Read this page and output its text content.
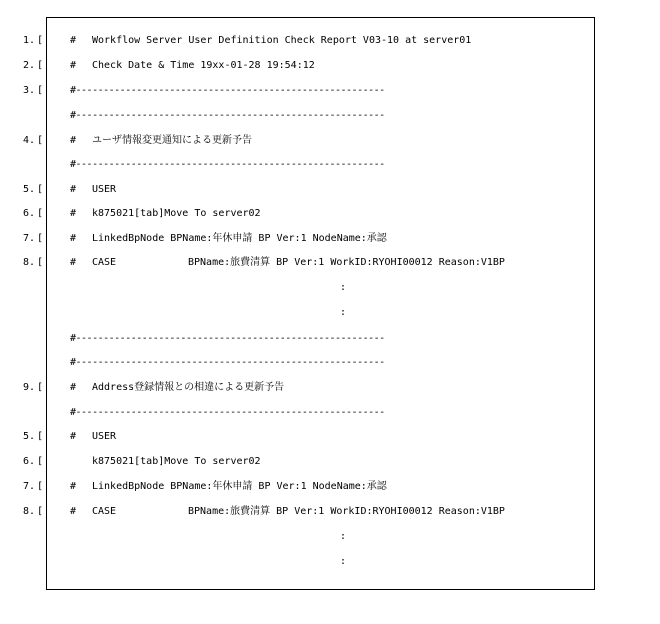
1.

[

	#

Workflow Server User Definition Check Report V03-10 at server01

2.

[

	#

Check Date & Time 19xx-01-28 19:54:12

3.

[

	#--------------------------------------------------------

#--------------------------------------------------------

4.

[

	#

ユーザ情報変更通知による更新予告

#--------------------------------------------------------

5.

[

	#

USER

6.

[

	#

k875021[tab]Move To server02

7.

[

	#

LinkedBpNode BPName:年休申請 BP Ver:1 NodeName:承認

8.

[

	#

CASE

	BPName:旅費清算 BP Ver:1 WorkID:RYOHI00012 Reason:V1BP

:

:

#--------------------------------------------------------

#--------------------------------------------------------

9.

[

	#

Address登録情報との相違による更新予告

#--------------------------------------------------------

5.

[

	#

USER

6.

[

	k875021[tab]Move To server02

7.

[

	#

LinkedBpNode BPName:年休申請 BP Ver:1 NodeName:承認

8.

[

	#

CASE

	BPName:旅費清算 BP Ver:1 WorkID:RYOHI00012 Reason:V1BP

:

:
